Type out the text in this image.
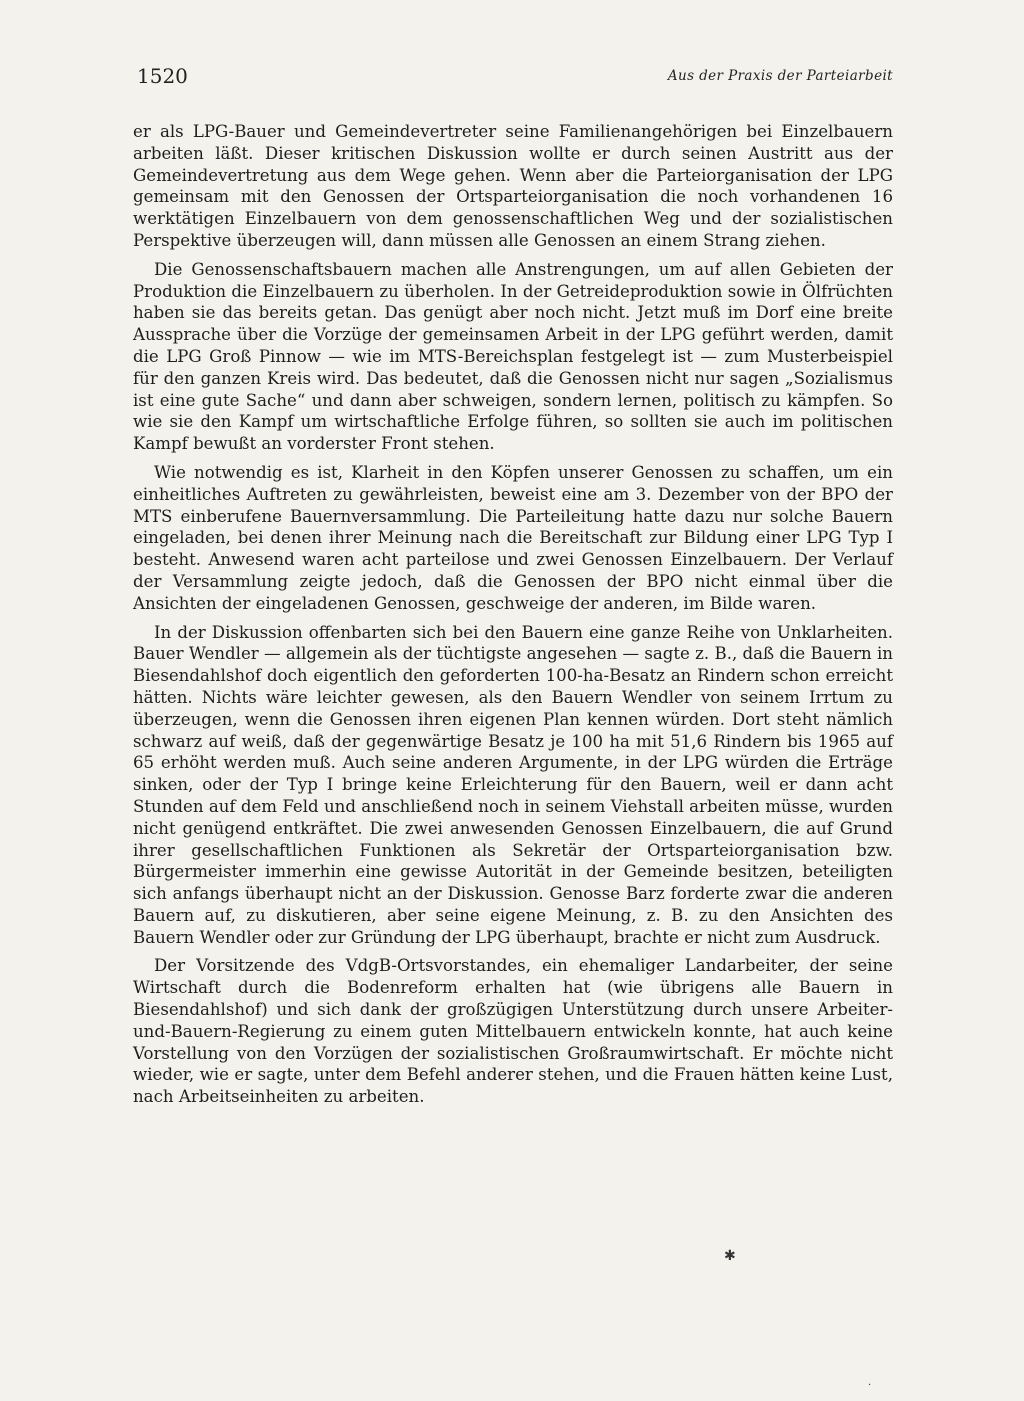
1520	Aus der Praxis der Parteiarbeit

er als LPG-Bauer und Gemeindevertreter seine Familienangehörigen bei Einzelbauern arbeiten läßt. Dieser kritischen Diskussion wollte er durch seinen Austritt aus der Gemeindevertretung aus dem Wege gehen. Wenn aber die Parteiorganisation der LPG gemeinsam mit den Genossen der Ortsparteiorganisation die noch vorhandenen 16 werktätigen Einzelbauern von dem genossenschaftlichen Weg und der sozialistischen Perspektive überzeugen will, dann müssen alle Genossen an einem Strang ziehen.

Die Genossenschaftsbauern machen alle Anstrengungen, um auf allen Gebieten der Produktion die Einzelbauern zu überholen. In der Getreideproduktion sowie in Ölfrüchten haben sie das bereits getan. Das genügt aber noch nicht. Jetzt muß im Dorf eine breite Aussprache über die Vorzüge der gemeinsamen Arbeit in der LPG geführt werden, damit die LPG Groß Pinnow — wie im MTS-Bereichsplan festgelegt ist — zum Musterbeispiel für den ganzen Kreis wird. Das bedeutet, daß die Genossen nicht nur sagen „Sozialismus ist eine gute Sache“ und dann aber schweigen, sondern lernen, politisch zu kämpfen. So wie sie den Kampf um wirtschaftliche Erfolge führen, so sollten sie auch im politischen Kampf bewußt an vorderster Front stehen.

Wie notwendig es ist, Klarheit in den Köpfen unserer Genossen zu schaffen, um ein einheitliches Auftreten zu gewährleisten, beweist eine am 3. Dezember von der BPO der MTS einberufene Bauernversammlung. Die Parteileitung hatte dazu nur solche Bauern eingeladen, bei denen ihrer Meinung nach die Bereitschaft zur Bildung einer LPG Typ I besteht. Anwesend waren acht parteilose und zwei Genossen Einzelbauern. Der Verlauf der Versammlung zeigte jedoch, daß die Genossen der BPO nicht einmal über die Ansichten der eingeladenen Genossen, geschweige der anderen, im Bilde waren.

In der Diskussion offenbarten sich bei den Bauern eine ganze Reihe von Unklarheiten. Bauer Wendler — allgemein als der tüchtigste angesehen — sagte z. B., daß die Bauern in Biesendahlshof doch eigentlich den geforderten 100-ha-Besatz an Rindern schon erreicht hätten. Nichts wäre leichter gewesen, als den Bauern Wendler von seinem Irrtum zu überzeugen, wenn die Genossen ihren eigenen Plan kennen würden. Dort steht nämlich schwarz auf weiß, daß der gegenwärtige Besatz je 100 ha mit 51,6 Rindern bis 1965 auf 65 erhöht werden muß. Auch seine anderen Argumente, in der LPG würden die Erträge sinken, oder der Typ I bringe keine Erleichterung für den Bauern, weil er dann acht Stunden auf dem Feld und anschließend noch in seinem Viehstall arbeiten müsse, wurden nicht genügend entkräftet. Die zwei anwesenden Genossen Einzelbauern, die auf Grund ihrer gesellschaftlichen Funktionen als Sekretär der Ortsparteiorganisation bzw. Bürgermeister immerhin eine gewisse Autorität in der Gemeinde besitzen, beteiligten sich anfangs überhaupt nicht an der Diskussion. Genosse Barz forderte zwar die anderen Bauern auf, zu diskutieren, aber seine eigene Meinung, z. B. zu den Ansichten des Bauern Wendler oder zur Gründung der LPG überhaupt, brachte er nicht zum Ausdruck.

Der Vorsitzende des VdgB-Ortsvorstandes, ein ehemaliger Landarbeiter, der seine Wirtschaft durch die Bodenreform erhalten hat (wie übrigens alle Bauern in Biesendahlshof) und sich dank der großzügigen Unterstützung durch unsere Arbeiter-und-Bauern-Regierung zu einem guten Mittelbauern entwickeln konnte, hat auch keine Vorstellung von den Vorzügen der sozialistischen Großraumwirtschaft. Er möchte nicht wieder, wie er sagte, unter dem Befehl anderer stehen, und die Frauen hätten keine Lust, nach Arbeitseinheiten zu arbeiten.

✱
·
